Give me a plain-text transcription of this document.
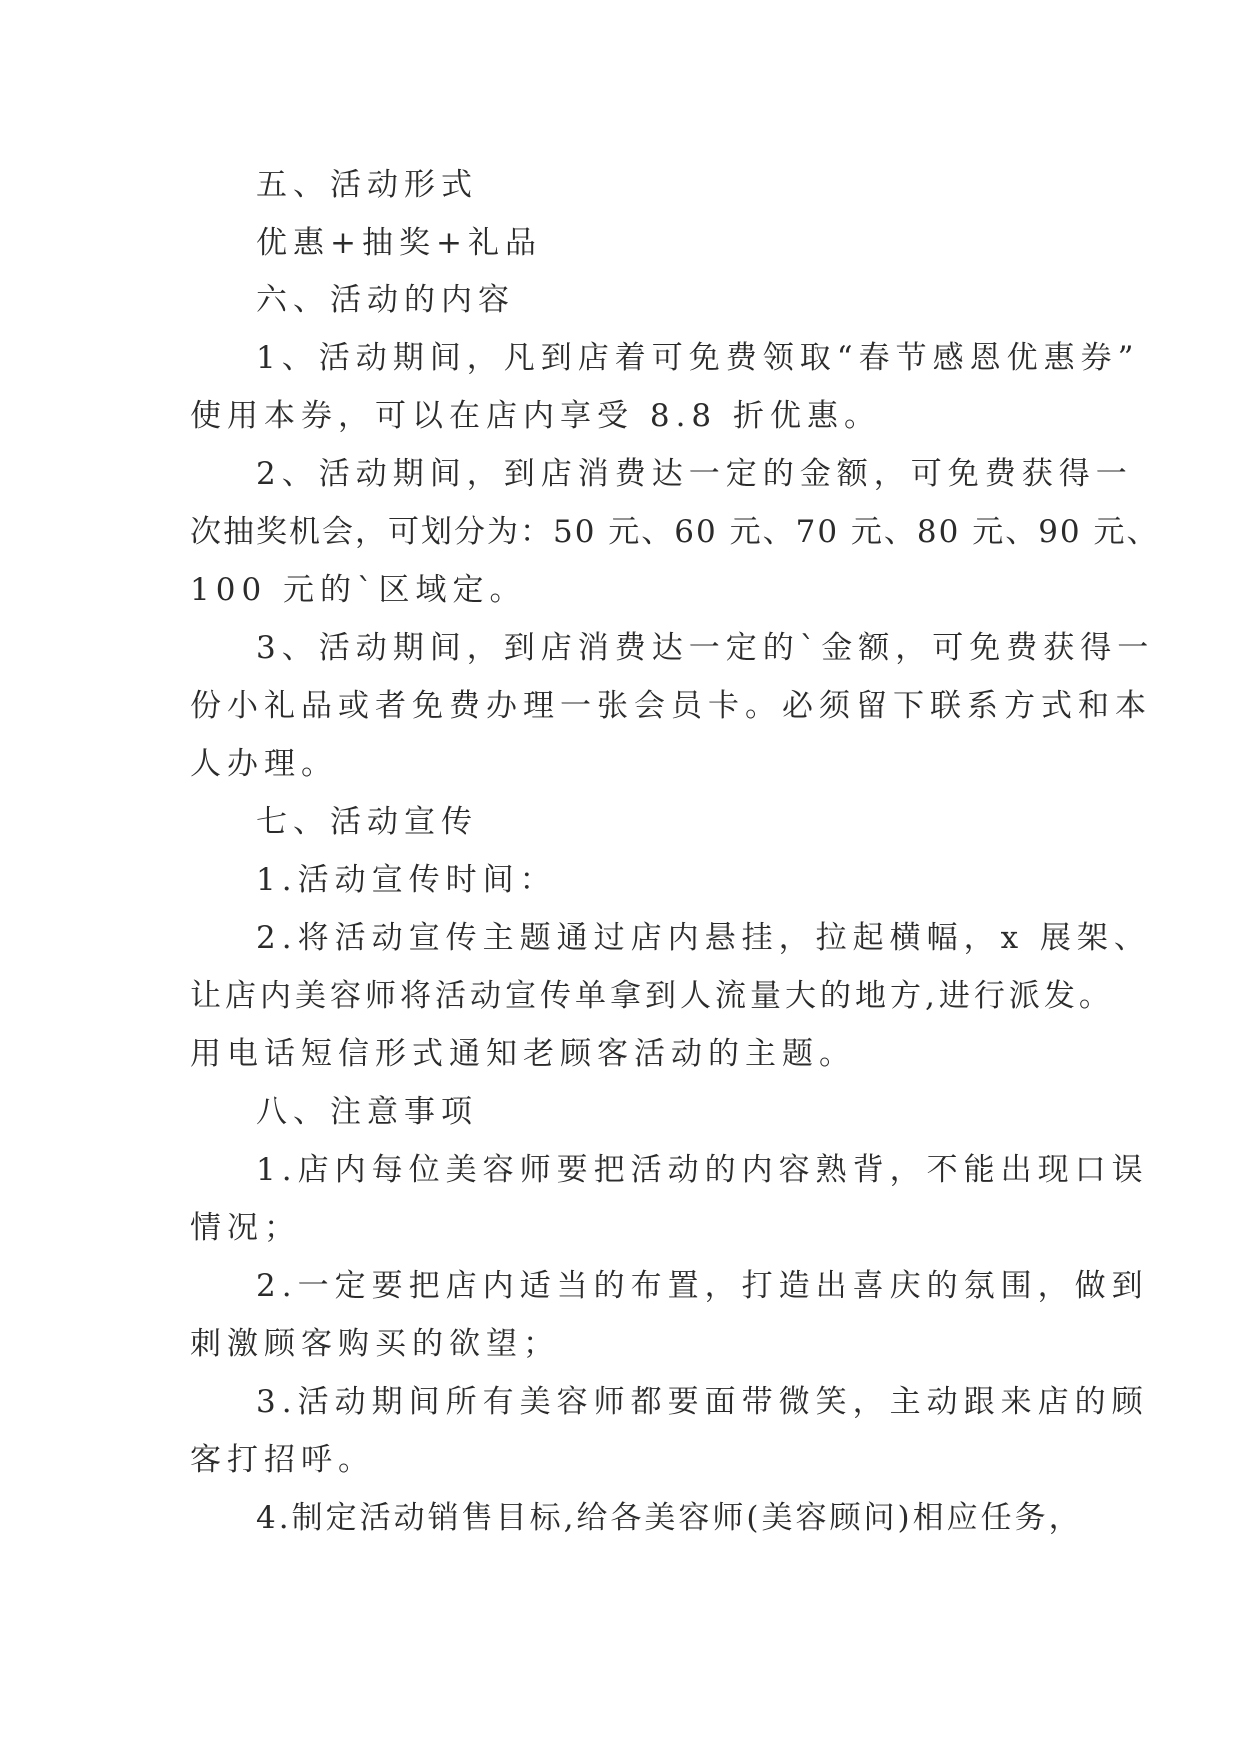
五、活动形式
优惠+抽奖+礼品
六、活动的内容
1、活动期间，凡到店着可免费领取“春节感恩优惠券”
使用本券，可以在店内享受 8.8 折优惠。
2、活动期间，到店消费达一定的金额，可免费获得一
次抽奖机会，可划分为：50 元、60 元、70 元、80 元、90 元、
100 元的`区域定。
3、活动期间，到店消费达一定的`金额，可免费获得一
份小礼品或者免费办理一张会员卡。必须留下联系方式和本
人办理。
七、活动宣传
1.活动宣传时间：
2.将活动宣传主题通过店内悬挂，拉起横幅，x 展架、
让店内美容师将活动宣传单拿到人流量大的地方,进行派发。
用电话短信形式通知老顾客活动的主题。
八、注意事项
1.店内每位美容师要把活动的内容熟背，不能出现口误
情况；
2.一定要把店内适当的布置，打造出喜庆的氛围，做到
刺激顾客购买的欲望；
3.活动期间所有美容师都要面带微笑，主动跟来店的顾
客打招呼。
4.制定活动销售目标,给各美容师(美容顾问)相应任务，
